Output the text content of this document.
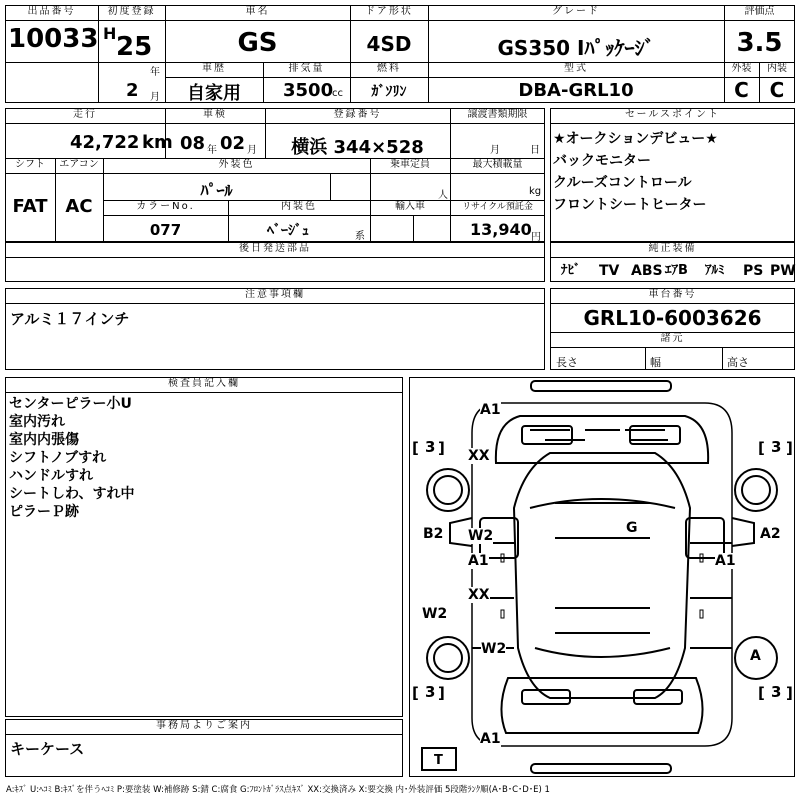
出品番号
10033
初度登録
H 25
年
2 月
車名
GS
ドア形状
4SD
グレード
GS350 Iﾊﾟｯｹｰｼﾞ
評価点
3.5
車歴
自家用
排気量
3500
cc
燃料
ｶﾞｿﾘﾝ
型式
DBA-GRL10
外装
C
内装
C
走行
42,722 km
車検
08 年 02 月
登録番号
横浜 344×528
譲渡書類期限
月	日
シフト
FAT
エアコン
AC
外装色
ﾊﾟｰﾙ
乗車定員
人
最大積載量
kg
カラーNo.
077
内装色
ﾍﾞｰｼﾞｭ	系
輸入車	リサイクル預託金
13,940 円
後日発送部品
セールスポイント
★オークションデビュー★
バックモニター
クルーズコントロール
フロントシートヒーター
純正装備
ﾅﾋﾞ TV ABS ｴｱB ｱﾙﾐ PS PW
注意事項欄
アルミ１７インチ
車台番号
GRL10-6003626
諸元
長さ	幅	高さ
検査員記入欄
センターピラー小U
室内汚れ
室内内張傷
シフトノブすれ
ハンドルすれ
シートしわ、すれ中
ピラーＰ跡
事務局よりご案内
キーケース
[ ]	[ ]
[ ]	[ ]
3	3
3	3
T
A1
XX
G
B2 W2
A1
XX
W2
W2
A2
A1
A
A1
A:ｷｽﾞ U:ﾍｺﾐ B:ｷｽﾞを伴うﾍｺﾐ P:要塗装 W:補修跡 S:錆 C:腐食 G:ﾌﾛﾝﾄｶﾞﾗｽ点ｷｽﾞ XX:交換済み X:要交換 内･外装評価 5段階ﾗﾝｸ順(A･B･C･D･E) 1
